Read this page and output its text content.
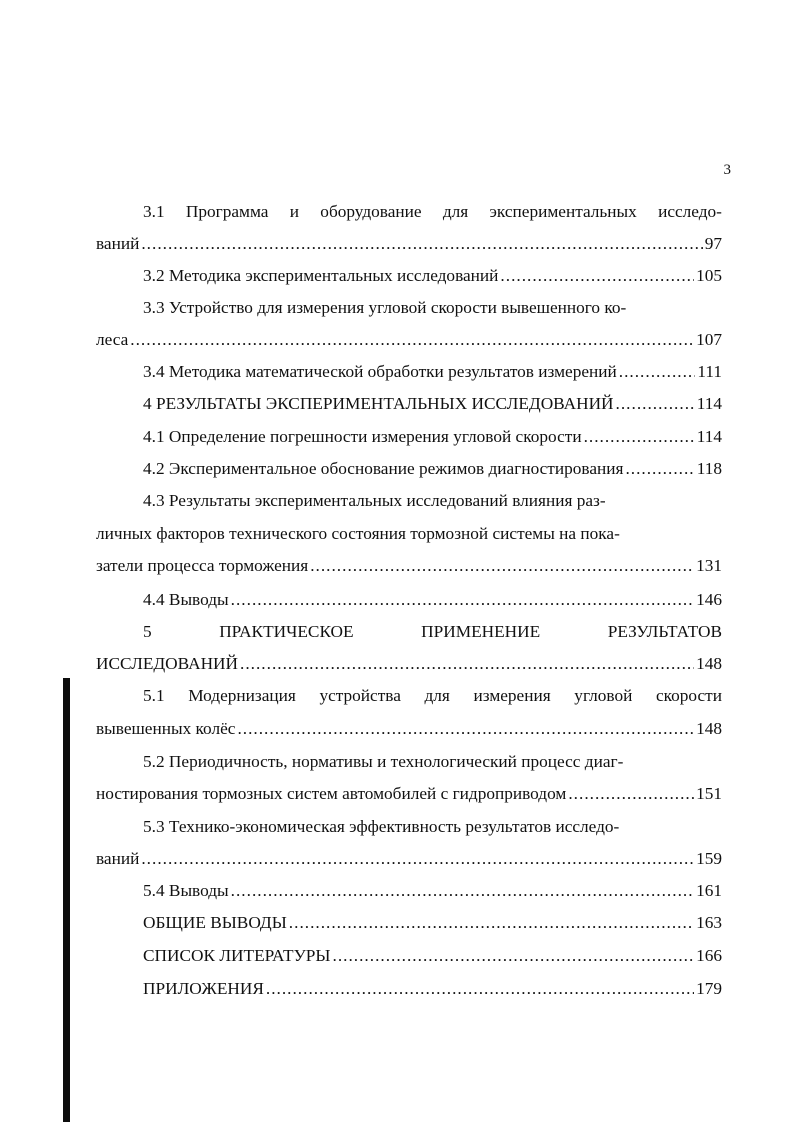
3
3.1 Программа и оборудование для экспериментальных исследо-
ваний .....	97
3.2 Методика экспериментальных исследований .....	105
3.3 Устройство для измерения угловой скорости вывешенного ко-
леса .....	107
3.4 Методика математической обработки результатов измерений .....	111
4 РЕЗУЛЬТАТЫ ЭКСПЕРИМЕНТАЛЬНЫХ ИССЛЕДОВАНИЙ .....	114
4.1 Определение погрешности измерения угловой скорости .....	114
4.2 Экспериментальное обоснование режимов диагностирования .....	118
4.3 Результаты экспериментальных исследований влияния раз-
личных факторов технического состояния тормозной системы на пока-
затели процесса торможения .....	131
4.4 Выводы .....	146
5	ПРАКТИЧЕСКОЕ	ПРИМЕНЕНИЕ	РЕЗУЛЬТАТОВ
ИССЛЕДОВАНИЙ .....	148
5.1 Модернизация устройства для измерения угловой скорости
вывешенных колёс .....	148
5.2 Периодичность, нормативы и технологический процесс диаг-
ностирования тормозных систем автомобилей с гидроприводом .....	151
5.3 Технико-экономическая эффективность результатов исследо-
ваний .....	159
5.4 Выводы .....	161
ОБЩИЕ ВЫВОДЫ .....	163
СПИСОК ЛИТЕРАТУРЫ .....	166
ПРИЛОЖЕНИЯ .....	179
